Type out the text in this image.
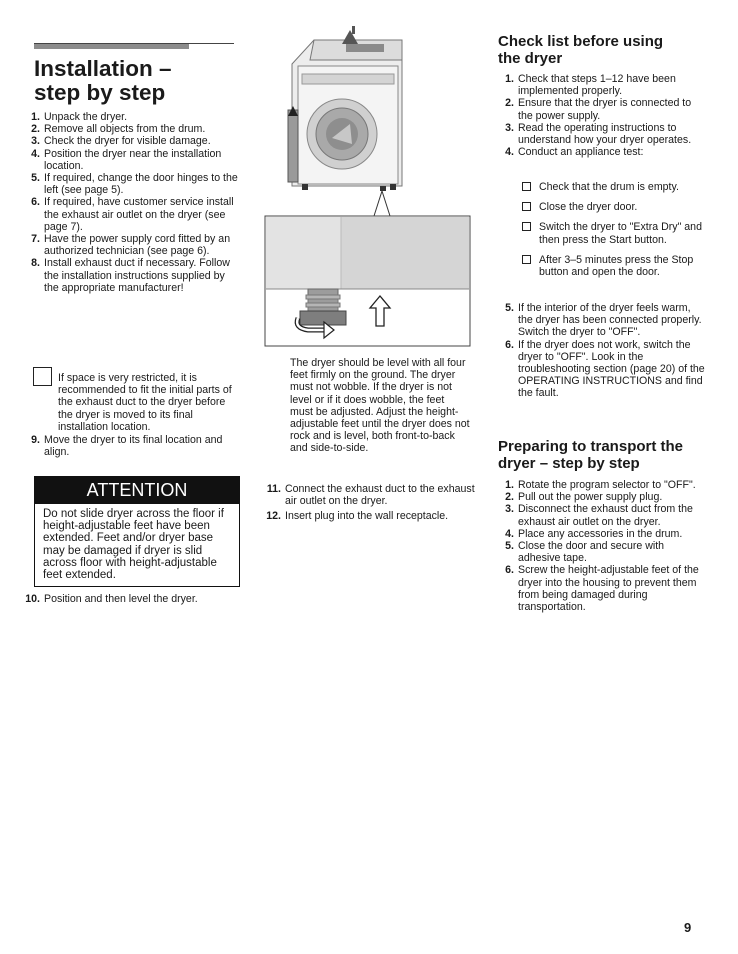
Installation –
step by step
1. Unpack the dryer.
2. Remove all objects from the drum.
3. Check the dryer for visible damage.
4. Position the dryer near the installation location.
5. If required, change the door hinges to the left (see page 5).
6. If required, have customer service install the exhaust air outlet on the dryer (see page 7).
7. Have the power supply cord fitted by an authorized technician (see page 6).
8. Install exhaust duct if necessary. Follow the installation instructions supplied by the appropriate manufacturer!
If space is very restricted, it is recommended to fit the initial parts of the exhaust duct to the dryer before the dryer is moved to its final installation location.
9. Move the dryer to its final location and align.
ATTENTION
Do not slide dryer across the floor if height-adjustable feet have been extended. Feet and/or dryer base may be damaged if dryer is slid across floor with height-adjustable feet extended.
10. Position and then level the dryer.
The dryer should be level with all four feet firmly on the ground. The dryer must not wobble. If the dryer is not level or if it does wobble, the feet must be adjusted. Adjust the height-adjustable feet until the dryer does not rock and is level, both front-to-back and side-to-side.
11. Connect the exhaust duct to the exhaust air outlet on the dryer.
12. Insert plug into the wall receptacle.
Check list before using
the dryer
1. Check that steps 1–12 have been implemented properly.
2. Ensure that the dryer is connected to the power supply.
3. Read the operating instructions to understand how your dryer operates.
4. Conduct an appliance test:
Check that the drum is empty.
Close the dryer door.
Switch the dryer to "Extra Dry" and then press the Start button.
After 3–5 minutes press the Stop button and open the door.
5. If the interior of the dryer feels warm, the dryer has been connected properly. Switch the dryer to "OFF".
6. If the dryer does not work, switch the dryer to "OFF". Look in the troubleshooting section (page 20) of the OPERATING INSTRUCTIONS and find the fault.
Preparing to transport the
dryer – step by step
1. Rotate the program selector to "OFF".
2. Pull out the power supply plug.
3. Disconnect the exhaust duct from the exhaust air outlet on the dryer.
4. Place any accessories in the drum.
5. Close the door and secure with adhesive tape.
6. Screw the height-adjustable feet of the dryer into the housing to prevent them from being damaged during transportation.
9
